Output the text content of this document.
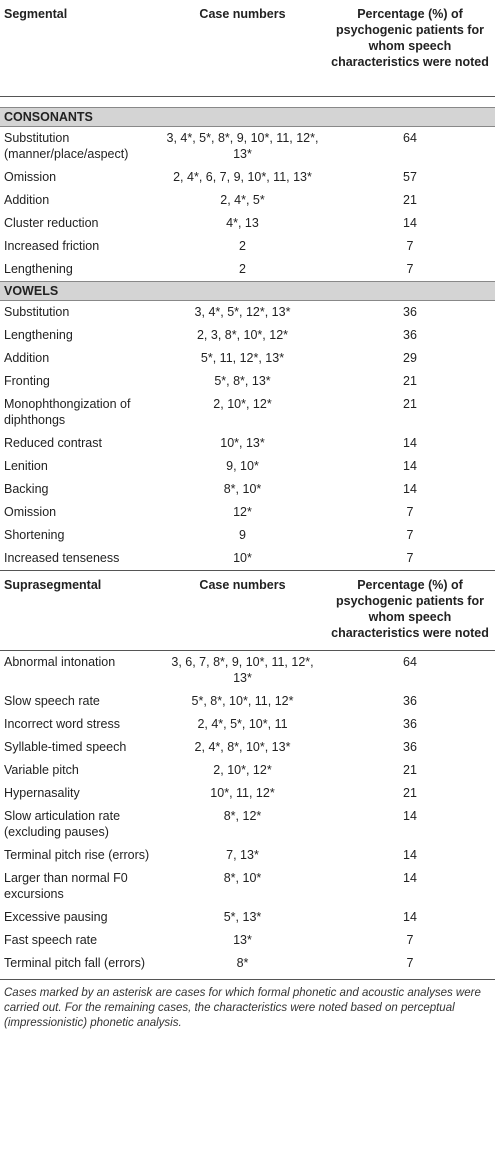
Segmental	Case numbers	Percentage (%) of psychogenic patients for whom speech characteristics were noted

CONSONANTS		
Substitution (manner/place/aspect)	3, 4*, 5*, 8*, 9, 10*, 11, 12*, 13*	64
Omission	2, 4*, 6, 7, 9, 10*, 11, 13*	57
Addition	2, 4*, 5*	21
Cluster reduction	4*, 13	14
Increased friction	2	7
Lengthening	2	7
VOWELS		
Substitution	3, 4*, 5*, 12*, 13*	36
Lengthening	2, 3, 8*, 10*, 12*	36
Addition	5*, 11, 12*, 13*	29
Fronting	5*, 8*, 13*	21
Monophthongization of diphthongs	2, 10*, 12*	21
Reduced contrast	10*, 13*	14
Lenition	9, 10*	14
Backing	8*, 10*	14
Omission	12*	7
Shortening	9	7
Increased tenseness	10*	7
Suprasegmental	Case numbers	Percentage (%) of psychogenic patients for whom speech characteristics were noted
Abnormal intonation	3, 6, 7, 8*, 9, 10*, 11, 12*, 13*	64
Slow speech rate	5*, 8*, 10*, 11, 12*	36
Incorrect word stress	2, 4*, 5*, 10*, 11	36
Syllable-timed speech	2, 4*, 8*, 10*, 13*	36
Variable pitch	2, 10*, 12*	21
Hypernasality	10*, 11, 12*	21
Slow articulation rate (excluding pauses)	8*, 12*	14
Terminal pitch rise (errors)	7, 13*	14
Larger than normal F0 excursions	8*, 10*	14
Excessive pausing	5*, 13*	14
Fast speech rate	13*	7
Terminal pitch fall (errors)	8*	7
Cases marked by an asterisk are cases for which formal phonetic and acoustic analyses were carried out. For the remaining cases, the characteristics were noted based on perceptual (impressionistic) phonetic analysis.
